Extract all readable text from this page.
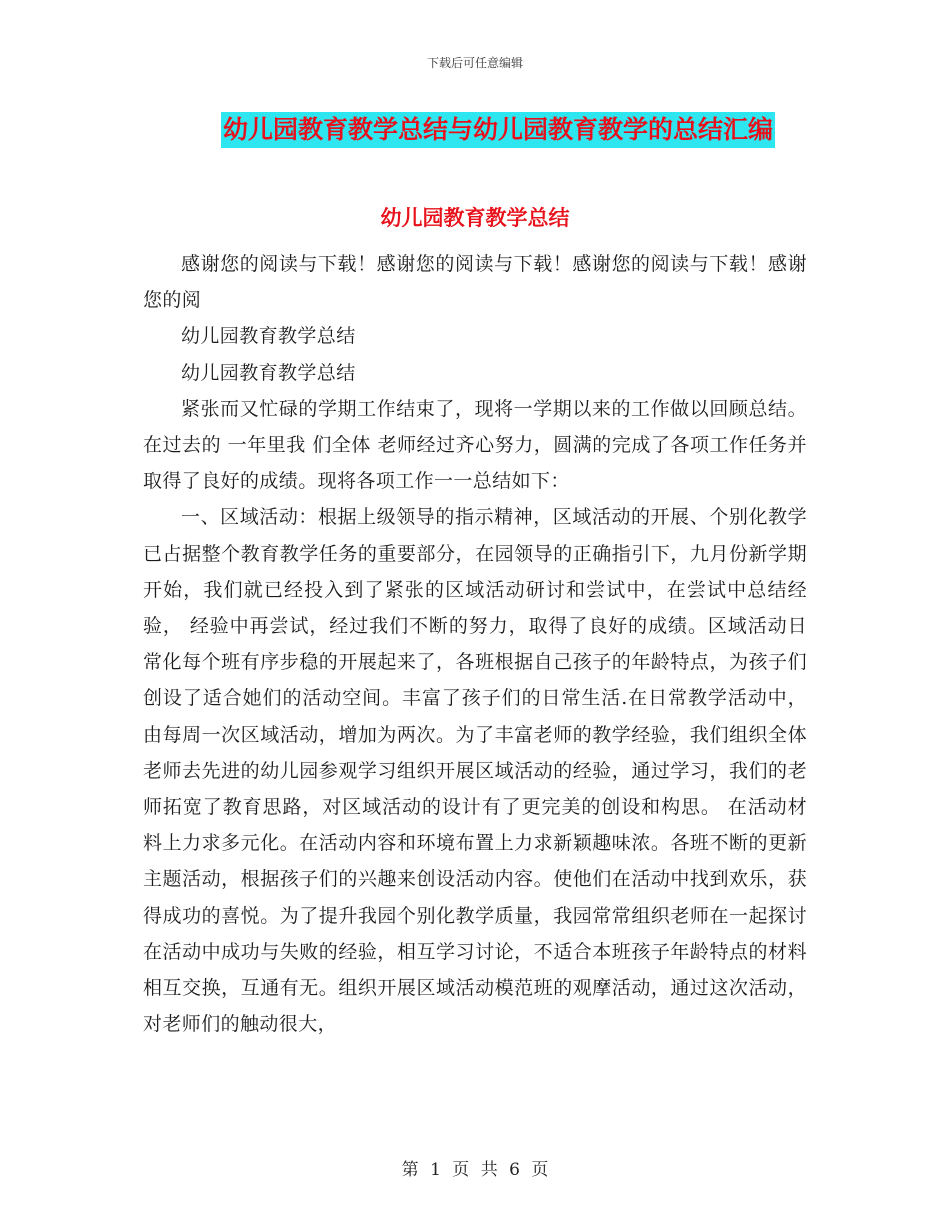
下载后可任意编辑
幼儿园教育教学总结与幼儿园教育教学的总结汇编
幼儿园教育教学总结

感谢您的阅读与下载！感谢您的阅读与下载！感谢您的阅读与下载！感谢您的阅

幼儿园教育教学总结

幼儿园教育教学总结

紧张而又忙碌的学期工作结束了，现将一学期以来的工作做以回顾总结。 在过去的 一年里我 们全体 老师经过齐心努力，圆满的完成了各项工作任务并取得了良好的成绩。现将各项工作一一总结如下：

一、区域活动：根据上级领导的指示精神，区域活动的开展、个别化教学已占据整个教育教学任务的重要部分，在园领导的正确指引下，九月份新学期开始，我们就已经投入到了紧张的区域活动研讨和尝试中，在尝试中总结经验， 经验中再尝试，经过我们不断的努力，取得了良好的成绩。区域活动日常化每个班有序步稳的开展起来了，各班根据自己孩子的年龄特点，为孩子们创设了适合她们的活动空间。丰富了孩子们的日常生活.在日常教学活动中，由每周一次区域活动，增加为两次。为了丰富老师的教学经验，我们组织全体老师去先进的幼儿园参观学习组织开展区域活动的经验，通过学习，我们的老师拓宽了教育思路，对区域活动的设计有了更完美的创设和构思。 在活动材料上力求多元化。在活动内容和环境布置上力求新颖趣味浓。各班不断的更新主题活动，根据孩子们的兴趣来创设活动内容。使他们在活动中找到欢乐，获得成功的喜悦。为了提升我园个别化教学质量，我园常常组织老师在一起探讨在活动中成功与失败的经验，相互学习讨论，不适合本班孩子年龄特点的材料相互交换，互通有无。组织开展区域活动模范班的观摩活动，通过这次活动，对老师们的触动很大，

第 1 页 共 6 页
